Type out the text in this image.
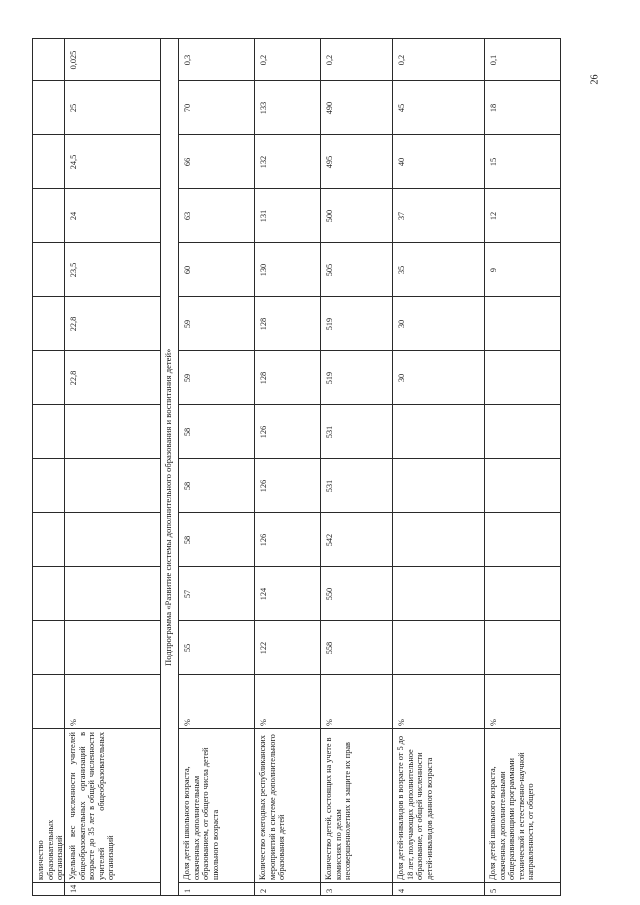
26
количество
образовательных
организаций
14
Удельный вес численности учителей общеобразовательных организаций в возрасте до 35 лет в общей численности учителей общеобразовательных организаций
%
22,8
22,8
23,5
24
24,5
25
0,025
1
Доля детей школьного возраста, охваченных дополнительным образованием, от общего числа детей школьного возраста
%
55
57
58
58
58
59
59
60
63
66
70
0,3
2
Количество ежегодных республиканских мероприятий в системе дополнительного образования детей
%
122
124
126
126
126
128
128
130
131
132
133
0,2
3
Количество детей, состоящих на учете в комиссиях по делам несовершеннолетних и защите их прав
%
558
550
542
531
531
519
519
505
500
495
490
0,2
4
Доля детей-инвалидов в возрасте от 5 до 18 лет, получающих дополнительное образование, от общей численности детей-инвалидов данного возраста
%
30
30
35
37
40
45
0,2
5
Доля детей школьного возраста, охваченных дополнительными общеразвивающими программами технической и естественно-научной направленности, от общего
%
9
12
15
18
0,1
Подпрограмма «Развитие системы дополнительного образования и воспитания детей»
